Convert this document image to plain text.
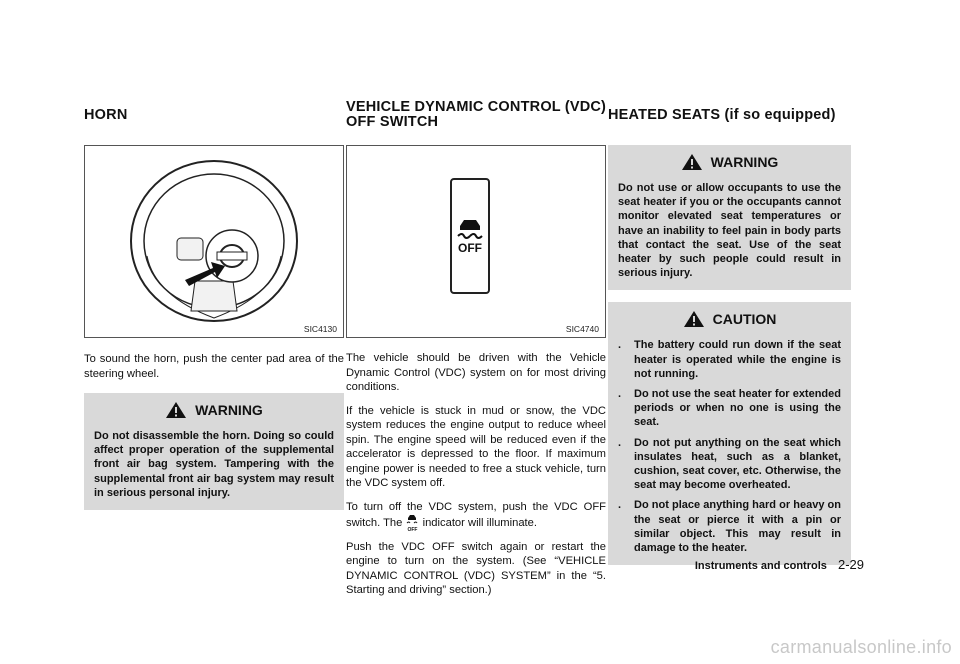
HORN	VEHICLE DYNAMIC CONTROL (VDC)
OFF SWITCH	HEATED SEATS (if so equipped)
SIC4130

To sound the horn, push the center pad area of the steering wheel.

WARNING

Do not disassemble the horn. Doing so could affect proper operation of the supplemental front air bag system. Tampering with the supplemental front air bag system may result in serious personal injury.

OFF
SIC4740

The vehicle should be driven with the Vehicle Dynamic Control (VDC) system on for most driving conditions.

If the vehicle is stuck in mud or snow, the VDC system reduces the engine output to reduce wheel spin. The engine speed will be reduced even if the accelerator is depressed to the floor. If maximum engine power is needed to free a stuck vehicle, turn the VDC system off.

To turn off the VDC system, push the VDC OFF switch. The
OFF
indicator will illuminate.

Push the VDC OFF switch again or restart the engine to turn on the system. (See “VEHICLE DYNAMIC CONTROL (VDC) SYSTEM” in the “5. Starting and driving” section.)

WARNING

Do not use or allow occupants to use the seat heater if you or the occupants cannot monitor elevated seat temperatures or have an inability to feel pain in body parts that contact the seat. Use of the seat heater by such people could result in serious injury.

CAUTION
. The battery could run down if the seat heater is operated while the engine is not running.
. Do not use the seat heater for extended periods or when no one is using the seat.
. Do not put anything on the seat which insulates heat, such as a blanket, cushion, seat cover, etc. Otherwise, the seat may become overheated.
. Do not place anything hard or heavy on the seat or pierce it with a pin or similar object. This may result in damage to the heater.
Instruments and controls 2-29
carmanualsonline.info
